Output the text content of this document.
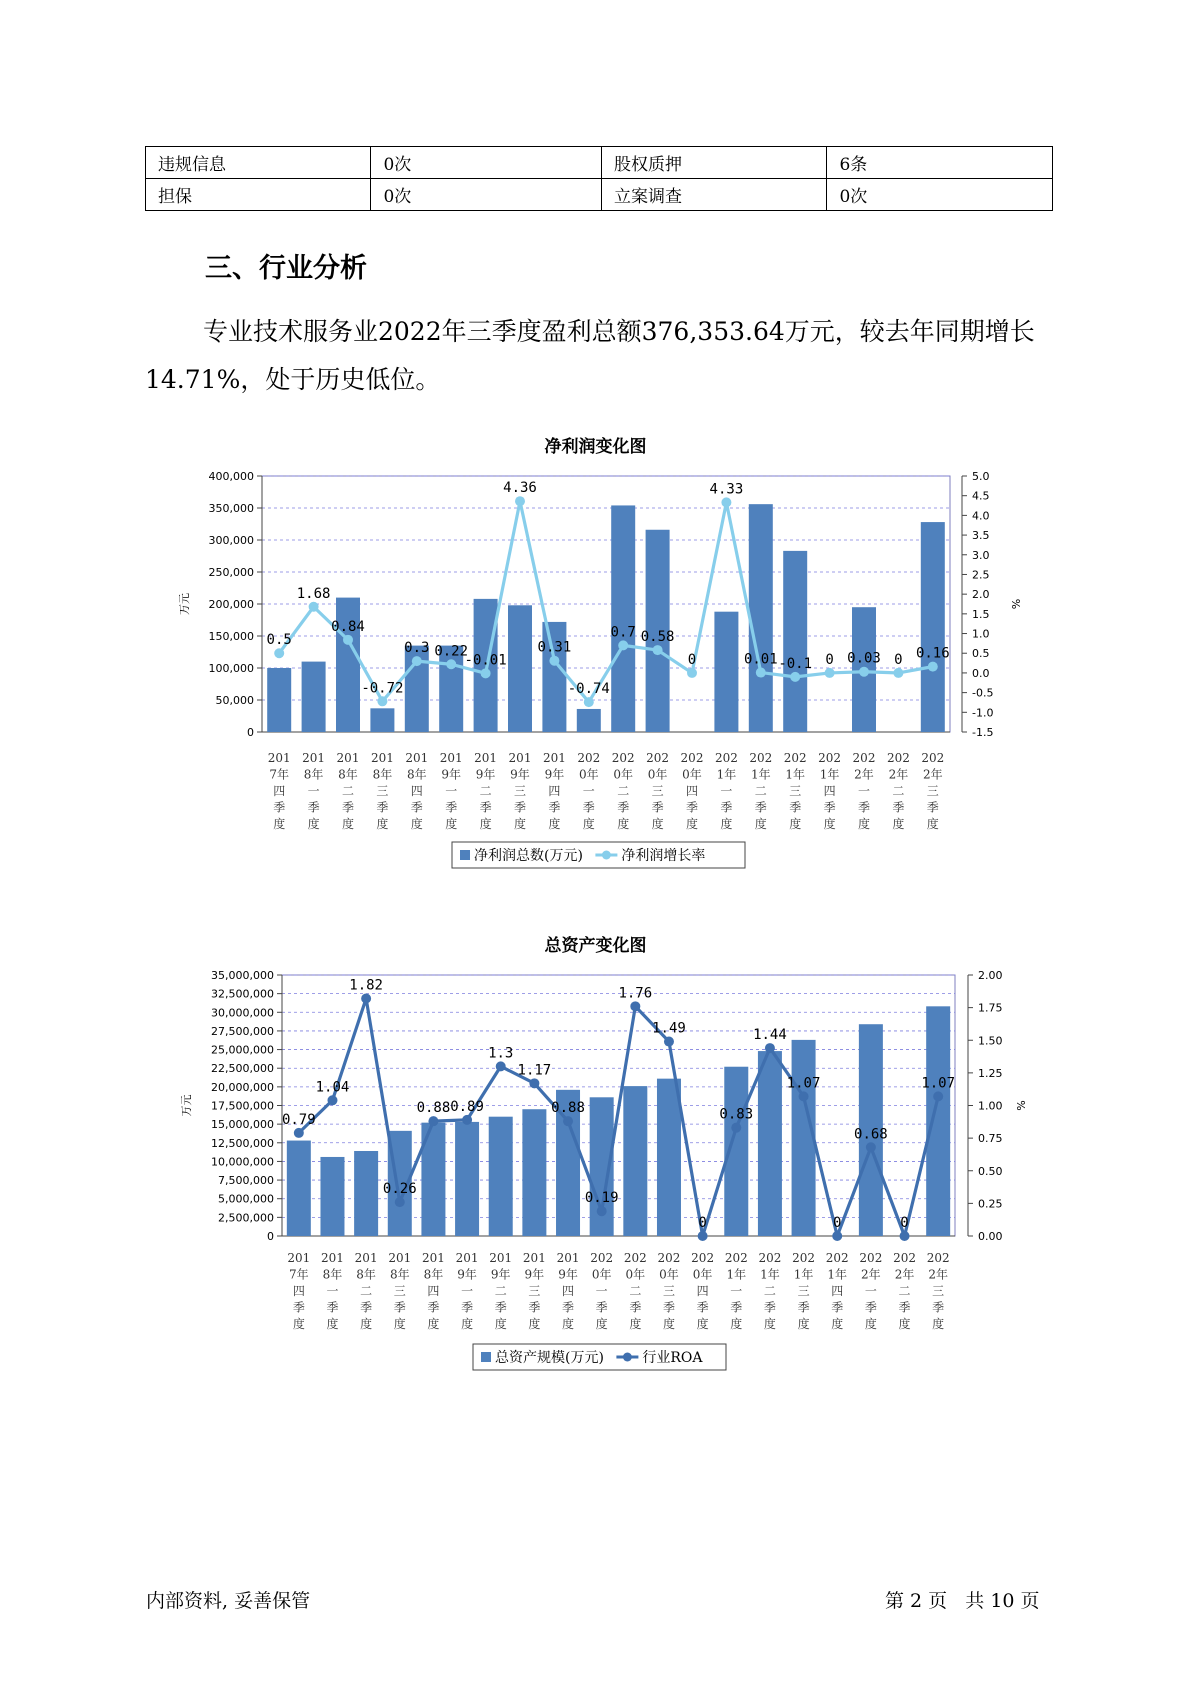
违规信息	0次	股权质押	6条
担保	0次	立案调查	0次
三、行业分析

专业技术服务业2022年三季度盈利总额376,353.64万元，较去年同期增长14.71%，处于历史低位。

净利润变化图
0
50,000
100,000
150,000
200,000
250,000
300,000
350,000
400,000
-1.5
-1.0
-0.5
0.0
0.5
1.0
1.5
2.0
2.5
3.0
3.5
4.0
4.5
5.0
万元	%
0.5
1.68
0.84
-0.72
0.3 0.22
-0.01
4.36
0.31
-0.74
0.7 0.58
0
4.33
0.01 -0.1 0 0.03 0 0.16
201 7年四季度
201 8年一季度
201 8年二季度
201 8年三季度
201 8年四季度
201 9年一季度
201 9年二季度
201 9年三季度
201 9年四季度
202 0年一季度
202 0年二季度
202 0年三季度
202 0年四季度
202 1年一季度
202 1年二季度
202 1年三季度
202 1年四季度
202 2年一季度
202 2年二季度
202 2年三季度
净利润总数(万元)	净利润增长率
总资产变化图
0
2,500,000
5,000,000
7,500,000
10,000,000
12,500,000
15,000,000
17,500,000
20,000,000
22,500,000
25,000,000
27,500,000
30,000,000
32,500,000
35,000,000
0.00
0.25
0.50
0.75
1.00
1.25
1.50
1.75
2.00
万元	%
0.79
1.04
1.82
0.26
0.88 0.89
1.3
1.17
0.88
0.19
1.76
1.49
0
0.83
1.44
1.07
0
0.68
0
1.07
201 7年四季度
201 8年一季度
201 8年二季度
201 8年三季度
201 8年四季度
201 9年一季度
201 9年二季度
201 9年三季度
201 9年四季度
202 0年一季度
202 0年二季度
202 0年三季度
202 0年四季度
202 1年一季度
202 1年二季度
202 1年三季度
202 1年四季度
202 2年一季度
202 2年二季度
202 2年三季度
总资产规模(万元)	行业ROA
内部资料, 妥善保管	第 2 页   共 10 页
